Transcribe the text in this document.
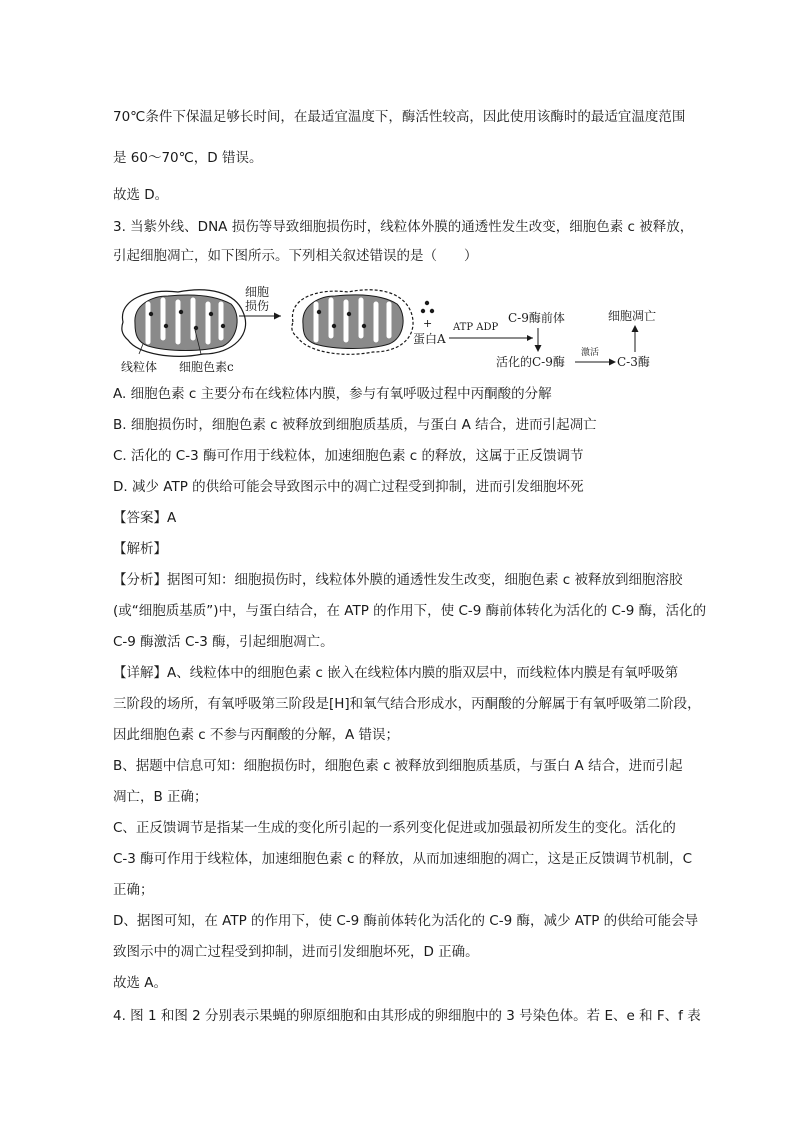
70℃条件下保温足够长时间，在最适宜温度下，酶活性较高，因此使用该酶时的最适宜温度范围
是 60～70℃，D 错误。
故选 D。
3. 当紫外线、DNA 损伤等导致细胞损伤时，线粒体外膜的通透性发生改变，细胞色素 c 被释放，
引起细胞凋亡，如下图所示。下列相关叙述错误的是（　　）
线粒体 细胞色素c
细胞
损伤
+
蛋白A
ATP ADP
C-9酶前体
活化的C-9酶
激活
C-3酶
细胞凋亡
A. 细胞色素 c 主要分布在线粒体内膜，参与有氧呼吸过程中丙酮酸的分解
B. 细胞损伤时，细胞色素 c 被释放到细胞质基质，与蛋白 A 结合，进而引起凋亡
C. 活化的 C-3 酶可作用于线粒体，加速细胞色素 c 的释放，这属于正反馈调节
D. 减少 ATP 的供给可能会导致图示中的凋亡过程受到抑制，进而引发细胞坏死
【答案】A
【解析】
【分析】据图可知：细胞损伤时，线粒体外膜的通透性发生改变，细胞色素 c 被释放到细胞溶胶
(或“细胞质基质”)中，与蛋白结合，在 ATP 的作用下，使 C-9 酶前体转化为活化的 C-9 酶，活化的
C-9 酶激活 C-3 酶，引起细胞凋亡。
【详解】A、线粒体中的细胞色素 c 嵌入在线粒体内膜的脂双层中，而线粒体内膜是有氧呼吸第
三阶段的场所，有氧呼吸第三阶段是[H]和氧气结合形成水，丙酮酸的分解属于有氧呼吸第二阶段，
因此细胞色素 c 不参与丙酮酸的分解，A 错误；
B、据题中信息可知：细胞损伤时，细胞色素 c 被释放到细胞质基质，与蛋白 A 结合，进而引起
凋亡，B 正确；
C、正反馈调节是指某一生成的变化所引起的一系列变化促进或加强最初所发生的变化。活化的
C-3 酶可作用于线粒体，加速细胞色素 c 的释放，从而加速细胞的凋亡，这是正反馈调节机制，C
正确；
D、据图可知，在 ATP 的作用下，使 C-9 酶前体转化为活化的 C-9 酶，减少 ATP 的供给可能会导
致图示中的凋亡过程受到抑制，进而引发细胞坏死，D 正确。
故选 A。
4. 图 1 和图 2 分别表示果蝇的卵原细胞和由其形成的卵细胞中的 3 号染色体。若 E、e 和 F、f 表
